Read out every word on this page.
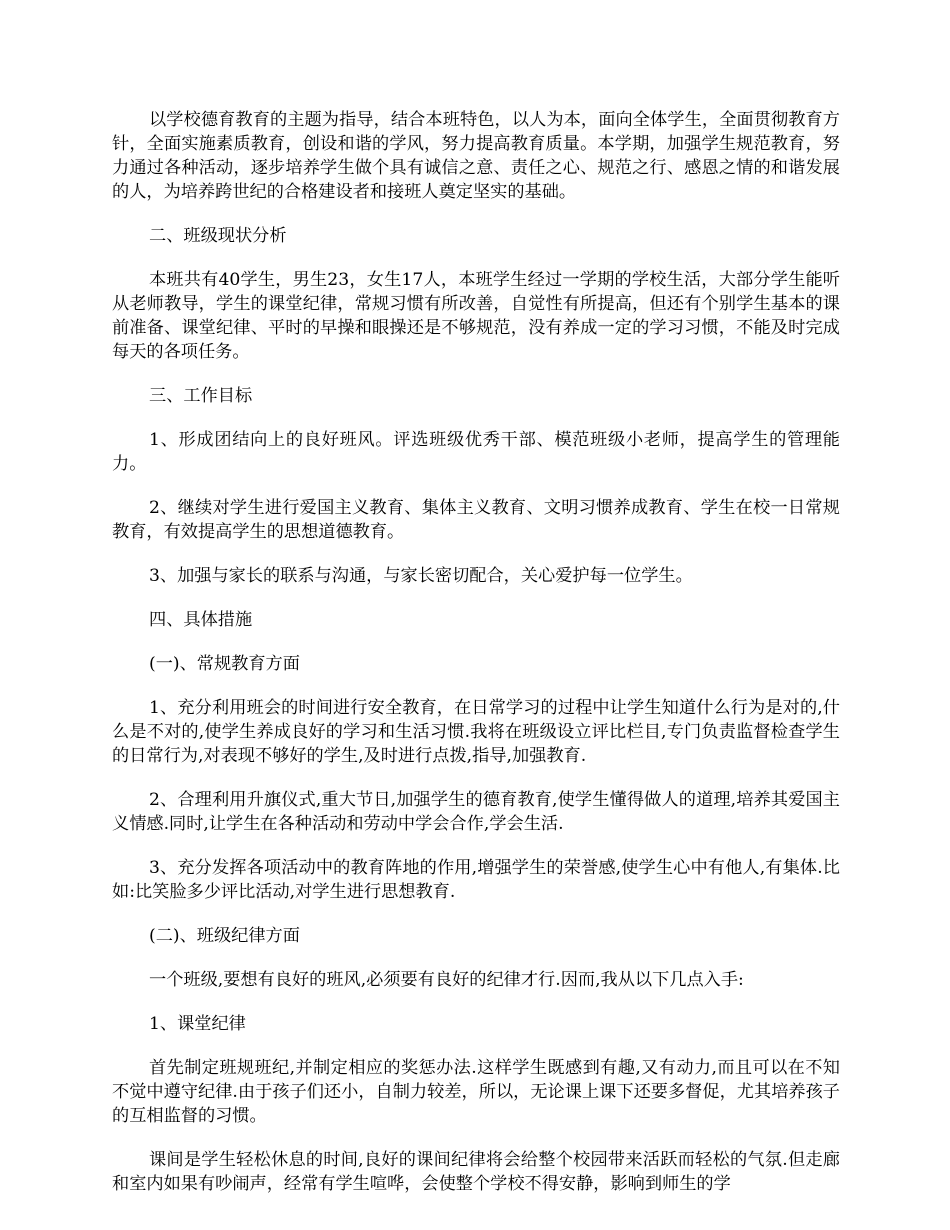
以学校德育教育的主题为指导，结合本班特色，以人为本，面向全体学生，全面贯彻教育方针，全面实施素质教育，创设和谐的学风，努力提高教育质量。本学期，加强学生规范教育，努力通过各种活动，逐步培养学生做个具有诚信之意、责任之心、规范之行、感恩之情的和谐发展的人，为培养跨世纪的合格建设者和接班人奠定坚实的基础。

二、班级现状分析

本班共有40学生，男生23，女生17人，本班学生经过一学期的学校生活，大部分学生能听从老师教导，学生的课堂纪律，常规习惯有所改善，自觉性有所提高，但还有个别学生基本的课前准备、课堂纪律、平时的早操和眼操还是不够规范，没有养成一定的学习习惯，不能及时完成每天的各项任务。

三、工作目标

1、形成团结向上的良好班风。评选班级优秀干部、模范班级小老师，提高学生的管理能力。

2、继续对学生进行爱国主义教育、集体主义教育、文明习惯养成教育、学生在校一日常规教育，有效提高学生的思想道德教育。

3、加强与家长的联系与沟通，与家长密切配合，关心爱护每一位学生。

四、具体措施

(一)、常规教育方面

1、充分利用班会的时间进行安全教育，在日常学习的过程中让学生知道什么行为是对的,什么是不对的,使学生养成良好的学习和生活习惯.我将在班级设立评比栏目,专门负责监督检查学生的日常行为,对表现不够好的学生,及时进行点拨,指导,加强教育.

2、合理利用升旗仪式,重大节日,加强学生的德育教育,使学生懂得做人的道理,培养其爱国主义情感.同时,让学生在各种活动和劳动中学会合作,学会生活.

3、充分发挥各项活动中的教育阵地的作用,增强学生的荣誉感,使学生心中有他人,有集体.比如:比笑脸多少评比活动,对学生进行思想教育.

(二)、班级纪律方面

一个班级,要想有良好的班风,必须要有良好的纪律才行.因而,我从以下几点入手:

1、课堂纪律

首先制定班规班纪,并制定相应的奖惩办法.这样学生既感到有趣,又有动力,而且可以在不知不觉中遵守纪律.由于孩子们还小，自制力较差，所以，无论课上课下还要多督促，尤其培养孩子的互相监督的习惯。

课间是学生轻松休息的时间,良好的课间纪律将会给整个校园带来活跃而轻松的气氛.但走廊和室内如果有吵闹声，经常有学生喧哗，会使整个学校不得安静，影响到师生的学
